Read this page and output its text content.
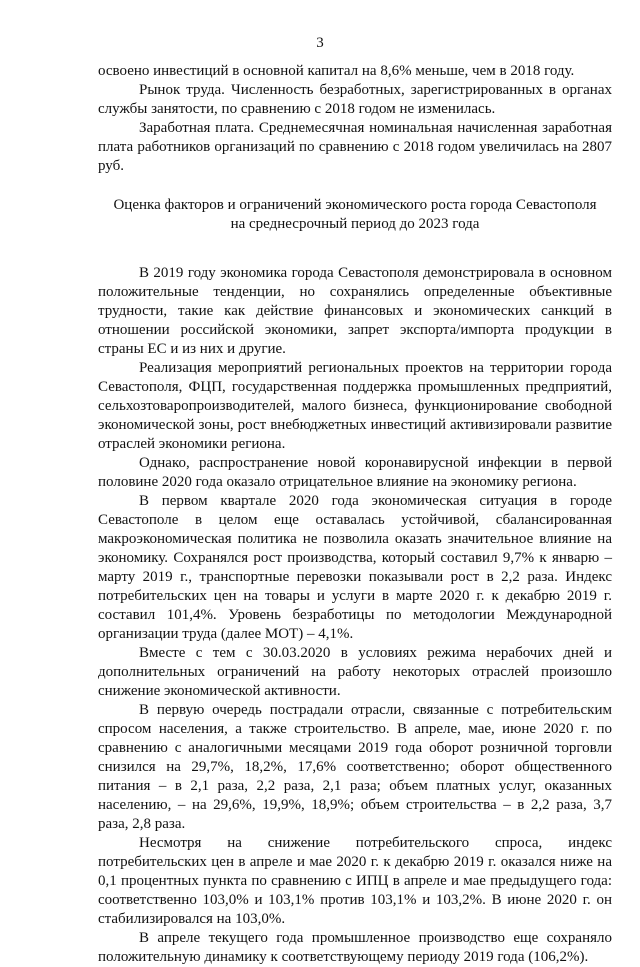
3

освоено инвестиций в основной капитал на 8,6% меньше, чем в 2018 году.

Рынок труда. Численность безработных, зарегистрированных в органах службы занятости, по сравнению с 2018 годом не изменилась.

Заработная плата. Среднемесячная номинальная начисленная заработная плата работников организаций по сравнению с 2018 годом увеличилась на 2807 руб.

Оценка факторов и ограничений экономического роста города Севастополя
на среднесрочный период до 2023 года

В 2019 году экономика города Севастополя демонстрировала в основном положительные тенденции, но сохранялись определенные объективные трудности, такие как действие финансовых и экономических санкций в отношении российской экономики, запрет экспорта/импорта продукции в страны ЕС и из них и другие.

Реализация мероприятий региональных проектов на территории города Севастополя, ФЦП, государственная поддержка промышленных предприятий, сельхозтоваропроизводителей, малого бизнеса, функционирование свободной экономической зоны, рост внебюджетных инвестиций активизировали развитие отраслей экономики региона.

Однако, распространение новой коронавирусной инфекции в первой половине 2020 года оказало отрицательное влияние на экономику региона.

В первом квартале 2020 года экономическая ситуация в городе Севастополе в целом еще оставалась устойчивой, сбалансированная макроэкономическая политика не позволила оказать значительное влияние на экономику. Сохранялся рост производства, который составил 9,7% к январю – марту 2019 г., транспортные перевозки показывали рост в 2,2 раза. Индекс потребительских цен на товары и услуги в марте 2020 г. к декабрю 2019 г. составил 101,4%. Уровень безработицы по методологии Международной организации труда (далее МОТ) – 4,1%.

Вместе с тем с 30.03.2020 в условиях режима нерабочих дней и дополнительных ограничений на работу некоторых отраслей произошло снижение экономической активности.

В первую очередь пострадали отрасли, связанные с потребительским спросом населения, а также строительство. В апреле, мае, июне 2020 г. по сравнению с аналогичными месяцами 2019 года оборот розничной торговли снизился на 29,7%, 18,2%, 17,6% соответственно; оборот общественного питания – в 2,1 раза, 2,2 раза, 2,1 раза; объем платных услуг, оказанных населению, – на 29,6%, 19,9%, 18,9%; объем строительства – в 2,2 раза, 3,7 раза, 2,8 раза.

Несмотря на снижение потребительского спроса, индекс потребительских цен в апреле и мае 2020 г. к декабрю 2019 г. оказался ниже на 0,1 процентных пункта по сравнению с ИПЦ в апреле и мае предыдущего года: соответственно 103,0% и 103,1% против 103,1% и 103,2%. В июне 2020 г. он стабилизировался на 103,0%.

В апреле текущего года промышленное производство еще сохраняло положительную динамику к соответствующему периоду 2019 года (106,2%).
